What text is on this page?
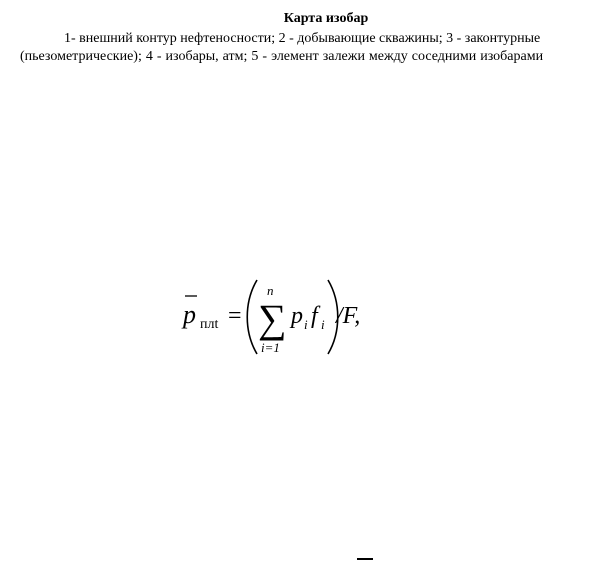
Карта изобар
1- внешний контур нефтеносности; 2 - добывающие скважины; 3 - законтурные
(пьезометрические); 4 - изобары, атм; 5 - элемент залежи между соседними изобарами
p плt =
n
∑
i=1
p i f i /F,
